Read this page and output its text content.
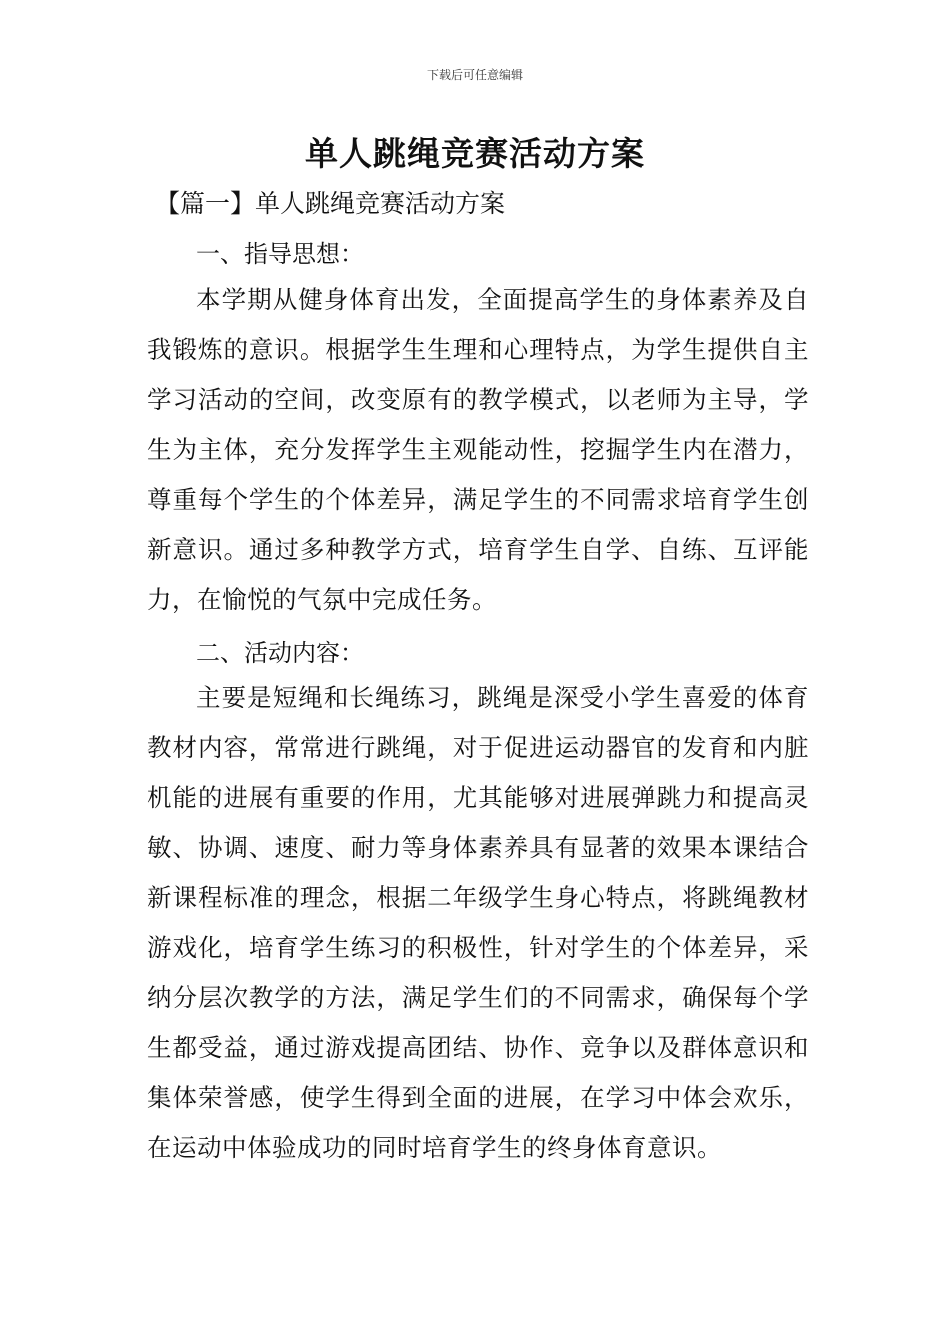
下载后可任意编辑
单人跳绳竞赛活动方案
【篇一】单人跳绳竞赛活动方案
一、指导思想：
本学期从健身体育出发，全面提高学生的身体素养及自我锻炼的意识。根据学生生理和心理特点，为学生提供自主学习活动的空间，改变原有的教学模式，以老师为主导，学生为主体，充分发挥学生主观能动性，挖掘学生内在潜力，尊重每个学生的个体差异，满足学生的不同需求培育学生创新意识。通过多种教学方式，培育学生自学、自练、互评能力，在愉悦的气氛中完成任务。
二、活动内容：
主要是短绳和长绳练习，跳绳是深受小学生喜爱的体育教材内容，常常进行跳绳，对于促进运动器官的发育和内脏机能的进展有重要的作用，尤其能够对进展弹跳力和提高灵敏、协调、速度、耐力等身体素养具有显著的效果本课结合新课程标准的理念，根据二年级学生身心特点，将跳绳教材游戏化，培育学生练习的积极性，针对学生的个体差异，采纳分层次教学的方法，满足学生们的不同需求，确保每个学生都受益，通过游戏提高团结、协作、竞争以及群体意识和集体荣誉感，使学生得到全面的进展，在学习中体会欢乐，在运动中体验成功的同时培育学生的终身体育意识。
